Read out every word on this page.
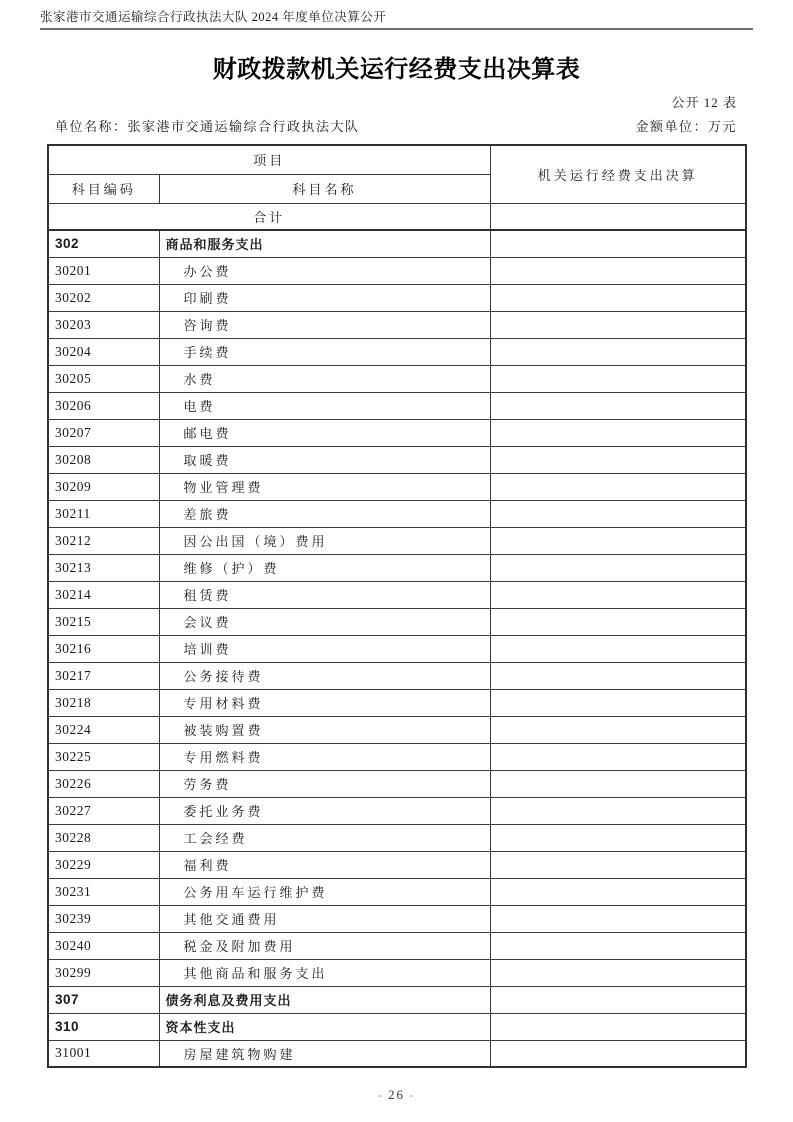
张家港市交通运输综合行政执法大队 2024 年度单位决算公开
财政拨款机关运行经费支出决算表
公开 12 表
单位名称：张家港市交通运输综合行政执法大队	金额单位：万元
项目		机关运行经费支出决算
科目编码	科目名称	
合计		
302	商品和服务支出	
30201	办公费	
30202	印刷费	
30203	咨询费	
30204	手续费	
30205	水费	
30206	电费	
30207	邮电费	
30208	取暖费	
30209	物业管理费	
30211	差旅费	
30212	因公出国（境）费用	
30213	维修（护）费	
30214	租赁费	
30215	会议费	
30216	培训费	
30217	公务接待费	
30218	专用材料费	
30224	被装购置费	
30225	专用燃料费	
30226	劳务费	
30227	委托业务费	
30228	工会经费	
30229	福利费	
30231	公务用车运行维护费	
30239	其他交通费用	
30240	税金及附加费用	
30299	其他商品和服务支出	
307	债务利息及费用支出	
310	资本性支出	
31001	房屋建筑物购建	
- 26 -
